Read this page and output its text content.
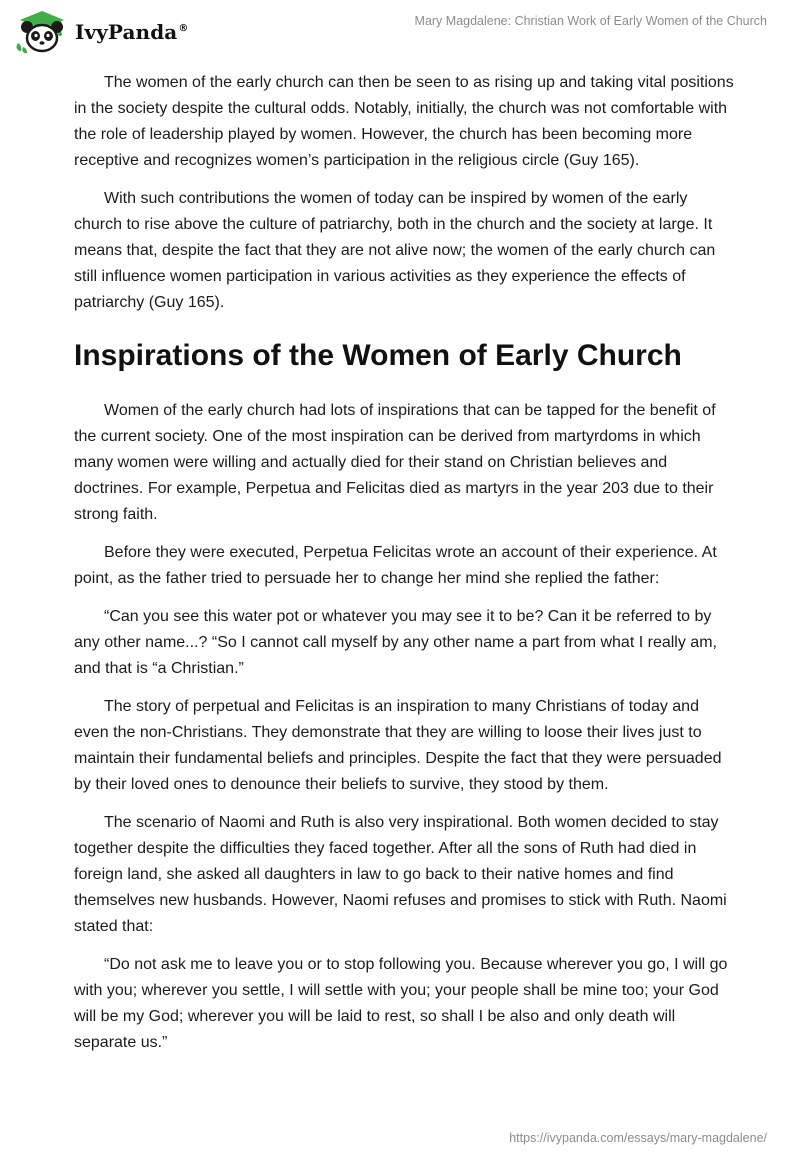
IvyPanda®
Mary Magdalene: Christian Work of Early Women of the Church

The women of the early church can then be seen to as rising up and taking vital positions in the society despite the cultural odds. Notably, initially, the church was not comfortable with the role of leadership played by women. However, the church has been becoming more receptive and recognizes women’s participation in the religious circle (Guy 165).

With such contributions the women of today can be inspired by women of the early church to rise above the culture of patriarchy, both in the church and the society at large. It means that, despite the fact that they are not alive now; the women of the early church can still influence women participation in various activities as they experience the effects of patriarchy (Guy 165).

Inspirations of the Women of Early Church

Women of the early church had lots of inspirations that can be tapped for the benefit of the current society. One of the most inspiration can be derived from martyrdoms in which many women were willing and actually died for their stand on Christian believes and doctrines. For example, Perpetua and Felicitas died as martyrs in the year 203 due to their strong faith.

Before they were executed, Perpetua Felicitas wrote an account of their experience. At point, as the father tried to persuade her to change her mind she replied the father:

“Can you see this water pot or whatever you may see it to be? Can it be referred to by any other name...? “So I cannot call myself by any other name a part from what I really am, and that is “a Christian.”

The story of perpetual and Felicitas is an inspiration to many Christians of today and even the non-Christians. They demonstrate that they are willing to loose their lives just to maintain their fundamental beliefs and principles. Despite the fact that they were persuaded by their loved ones to denounce their beliefs to survive, they stood by them.

The scenario of Naomi and Ruth is also very inspirational. Both women decided to stay together despite the difficulties they faced together. After all the sons of Ruth had died in foreign land, she asked all daughters in law to go back to their native homes and find themselves new husbands. However, Naomi refuses and promises to stick with Ruth. Naomi stated that:

“Do not ask me to leave you or to stop following you. Because wherever you go, I will go with you; wherever you settle, I will settle with you; your people shall be mine too; your God will be my God; wherever you will be laid to rest, so shall I be also and only death will separate us.”

https://ivypanda.com/essays/mary-magdalene/
